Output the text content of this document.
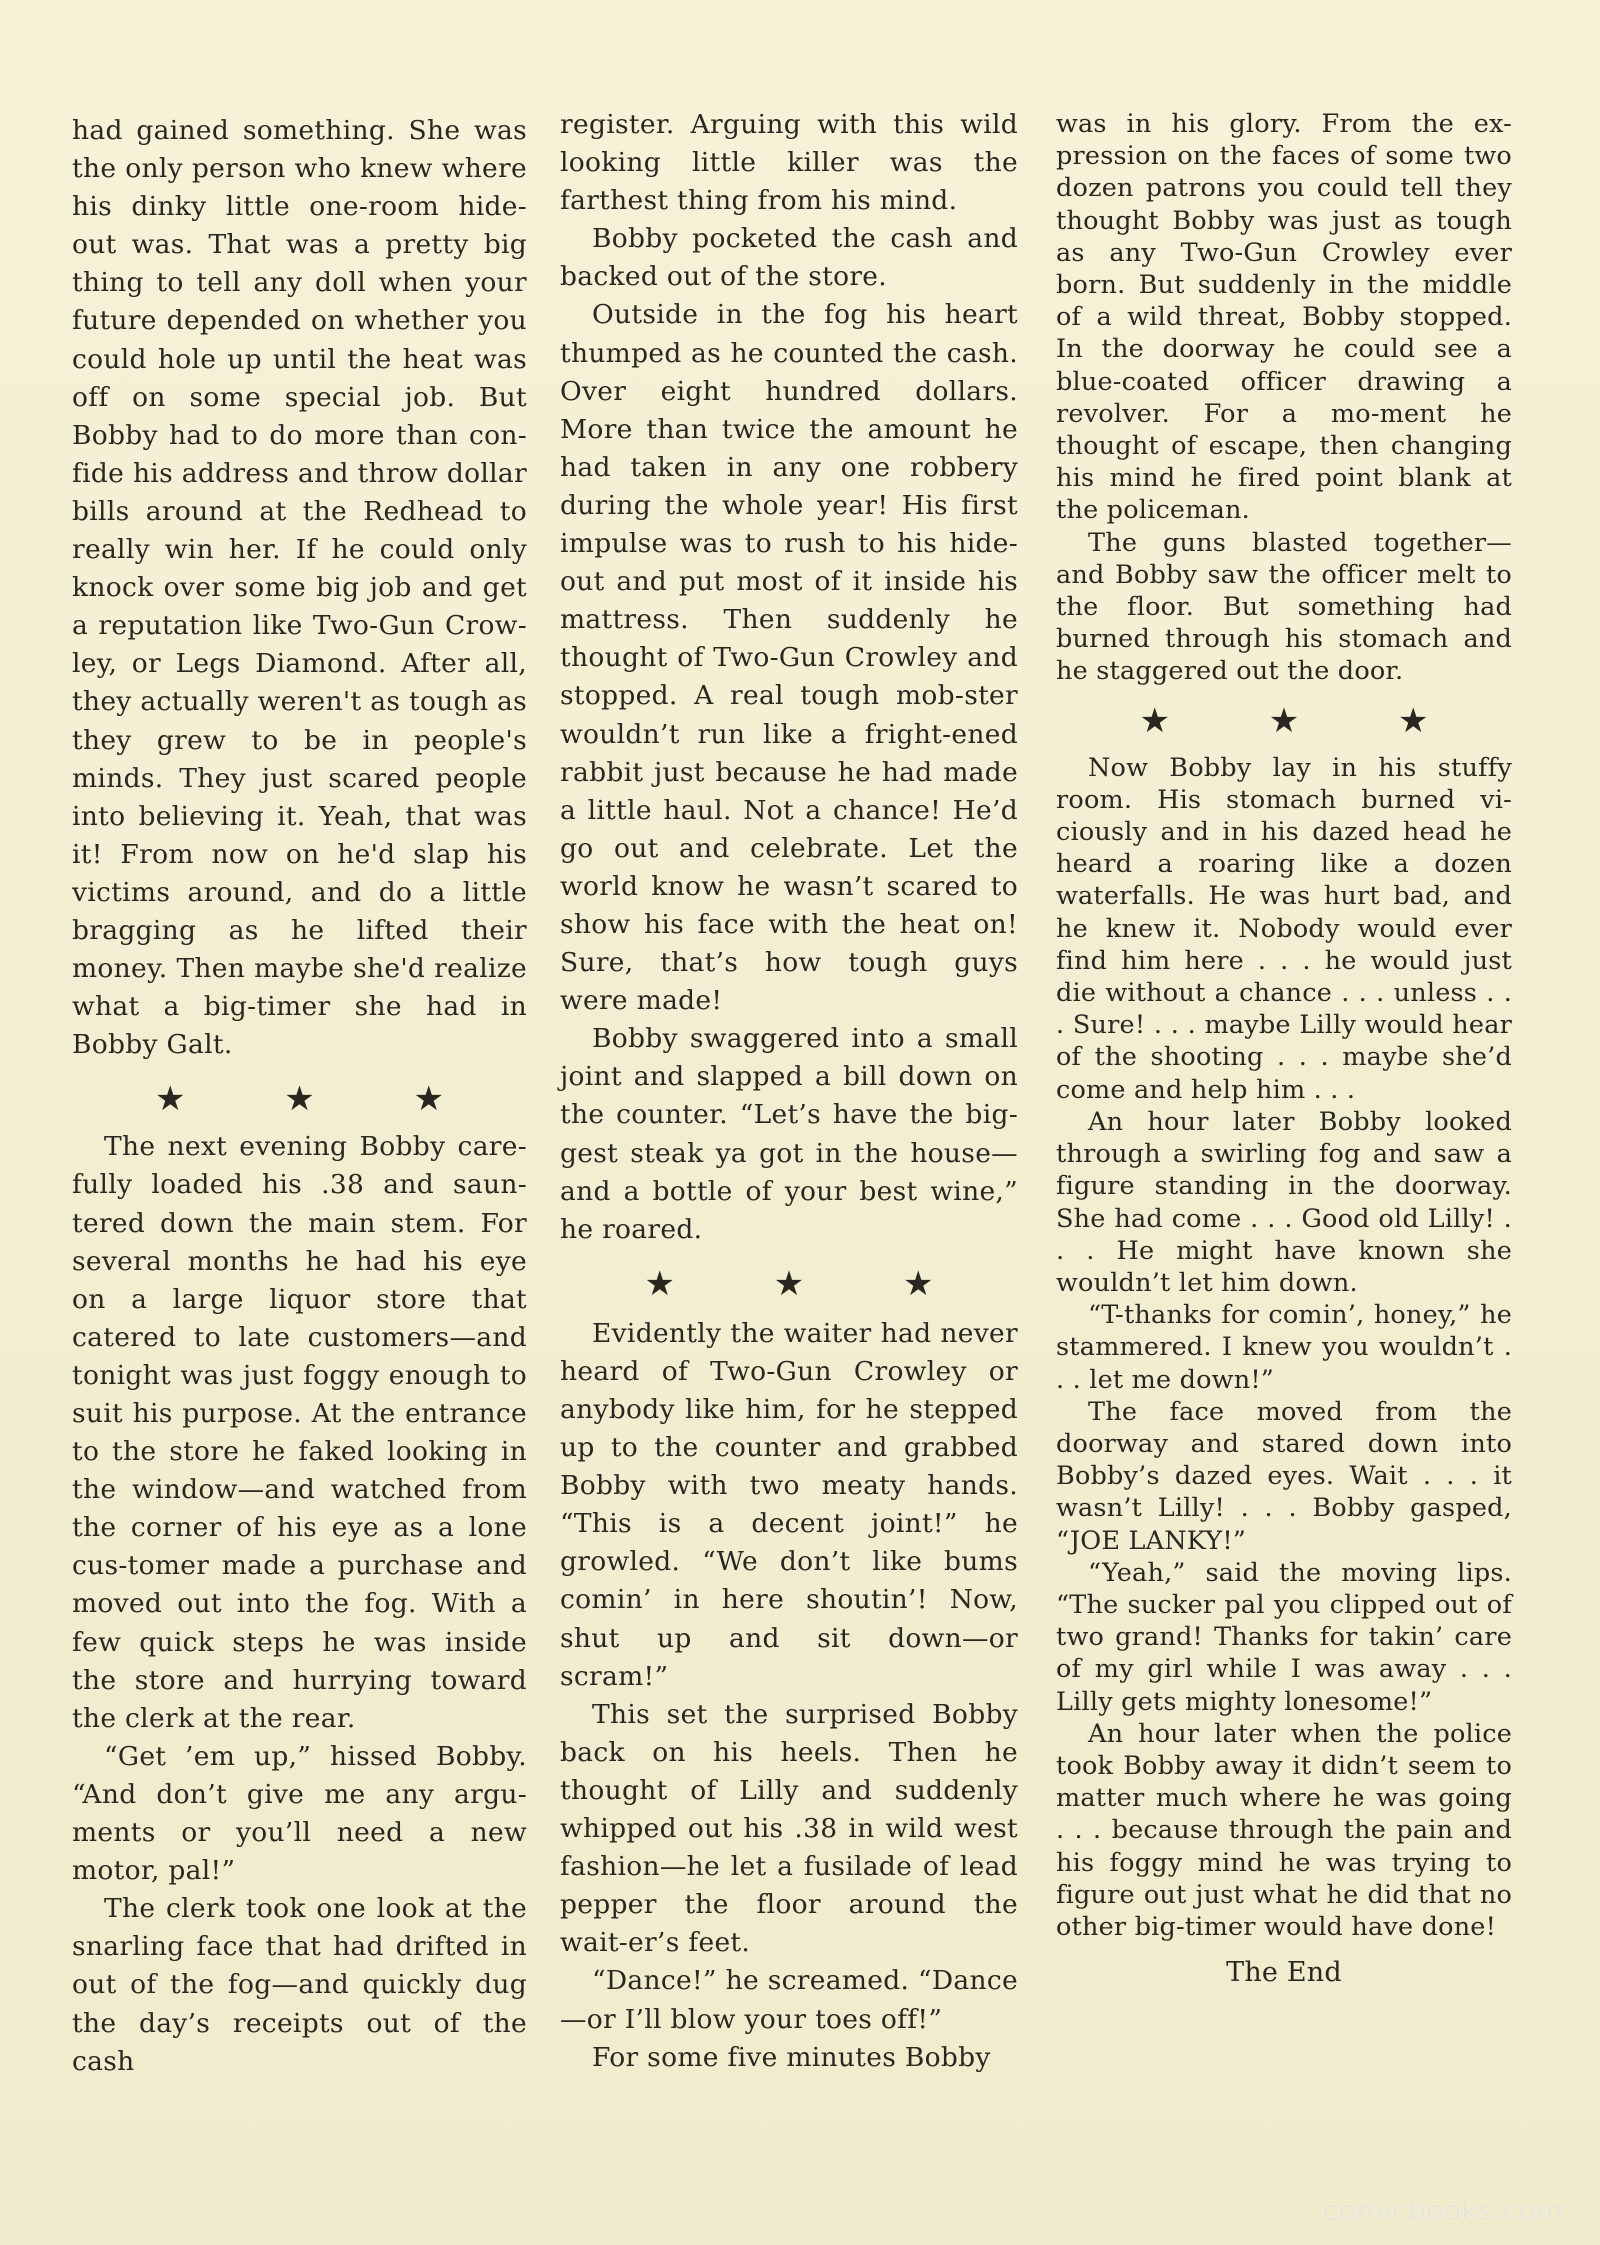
had gained something. She was the only person who knew where his dinky little one-room hide-out was. That was a pretty big thing to tell any doll when your future depended on whether you could hole up until the heat was off on some special job. But Bobby had to do more than con-fide his address and throw dollar bills around at the Redhead to really win her. If he could only knock over some big job and get a reputation like Two-Gun Crow-ley, or Legs Diamond. After all, they actually weren't as tough as they grew to be in people's minds. They just scared people into believing it. Yeah, that was it! From now on he'd slap his victims around, and do a little bragging as he lifted their money. Then maybe she'd realize what a big-timer she had in Bobby Galt.

★ ★ ★

The next evening Bobby care-fully loaded his .38 and saun-tered down the main stem. For several months he had his eye on a large liquor store that catered to late customers—and tonight was just foggy enough to suit his purpose. At the entrance to the store he faked looking in the window—and watched from the corner of his eye as a lone cus-tomer made a purchase and moved out into the fog. With a few quick steps he was inside the store and hurrying toward the clerk at the rear.

“Get ’em up,” hissed Bobby. “And don’t give me any argu-ments or you’ll need a new motor, pal!”

The clerk took one look at the snarling face that had drifted in out of the fog—and quickly dug the day’s receipts out of the cash

register. Arguing with this wild looking little killer was the farthest thing from his mind.

Bobby pocketed the cash and backed out of the store.

Outside in the fog his heart thumped as he counted the cash. Over eight hundred dollars. More than twice the amount he had taken in any one robbery during the whole year! His first impulse was to rush to his hide-out and put most of it inside his mattress. Then suddenly he thought of Two-Gun Crowley and stopped. A real tough mob-ster wouldn’t run like a fright-ened rabbit just because he had made a little haul. Not a chance! He’d go out and celebrate. Let the world know he wasn’t scared to show his face with the heat on! Sure, that’s how tough guys were made!

Bobby swaggered into a small joint and slapped a bill down on the counter. “Let’s have the big-gest steak ya got in the house— and a bottle of your best wine,” he roared.

★ ★ ★

Evidently the waiter had never heard of Two-Gun Crowley or anybody like him, for he stepped up to the counter and grabbed Bobby with two meaty hands. “This is a decent joint!” he growled. “We don’t like bums comin’ in here shoutin’! Now, shut up and sit down—or scram!”

This set the surprised Bobby back on his heels. Then he thought of Lilly and suddenly whipped out his .38 in wild west fashion—he let a fusilade of lead pepper the floor around the wait-er’s feet.

“Dance!” he screamed. “Dance —or I’ll blow your toes off!”

For some five minutes Bobby

was in his glory. From the ex-pression on the faces of some two dozen patrons you could tell they thought Bobby was just as tough as any Two-Gun Crowley ever born. But suddenly in the middle of a wild threat, Bobby stopped. In the doorway he could see a blue-coated officer drawing a revolver. For a mo-ment he thought of escape, then changing his mind he fired point blank at the policeman.

The guns blasted together— and Bobby saw the officer melt to the floor. But something had burned through his stomach and he staggered out the door.

★ ★ ★

Now Bobby lay in his stuffy room. His stomach burned vi-ciously and in his dazed head he heard a roaring like a dozen waterfalls. He was hurt bad, and he knew it. Nobody would ever find him here . . . he would just die without a chance . . . unless . . . Sure! . . . maybe Lilly would hear of the shooting . . . maybe she’d come and help him . . .

An hour later Bobby looked through a swirling fog and saw a figure standing in the doorway. She had come . . . Good old Lilly! . . . He might have known she wouldn’t let him down.

“T-thanks for comin’, honey,” he stammered. I knew you wouldn’t . . . let me down!”

The face moved from the doorway and stared down into Bobby’s dazed eyes. Wait . . . it wasn’t Lilly! . . . Bobby gasped, “JOE LANKY!”

“Yeah,” said the moving lips. “The sucker pal you clipped out of two grand! Thanks for takin’ care of my girl while I was away . . . Lilly gets mighty lonesome!”

An hour later when the police took Bobby away it didn’t seem to matter much where he was going . . . because through the pain and his foggy mind he was trying to figure out just what he did that no other big-timer would have done!

The End

comicbooks.com
